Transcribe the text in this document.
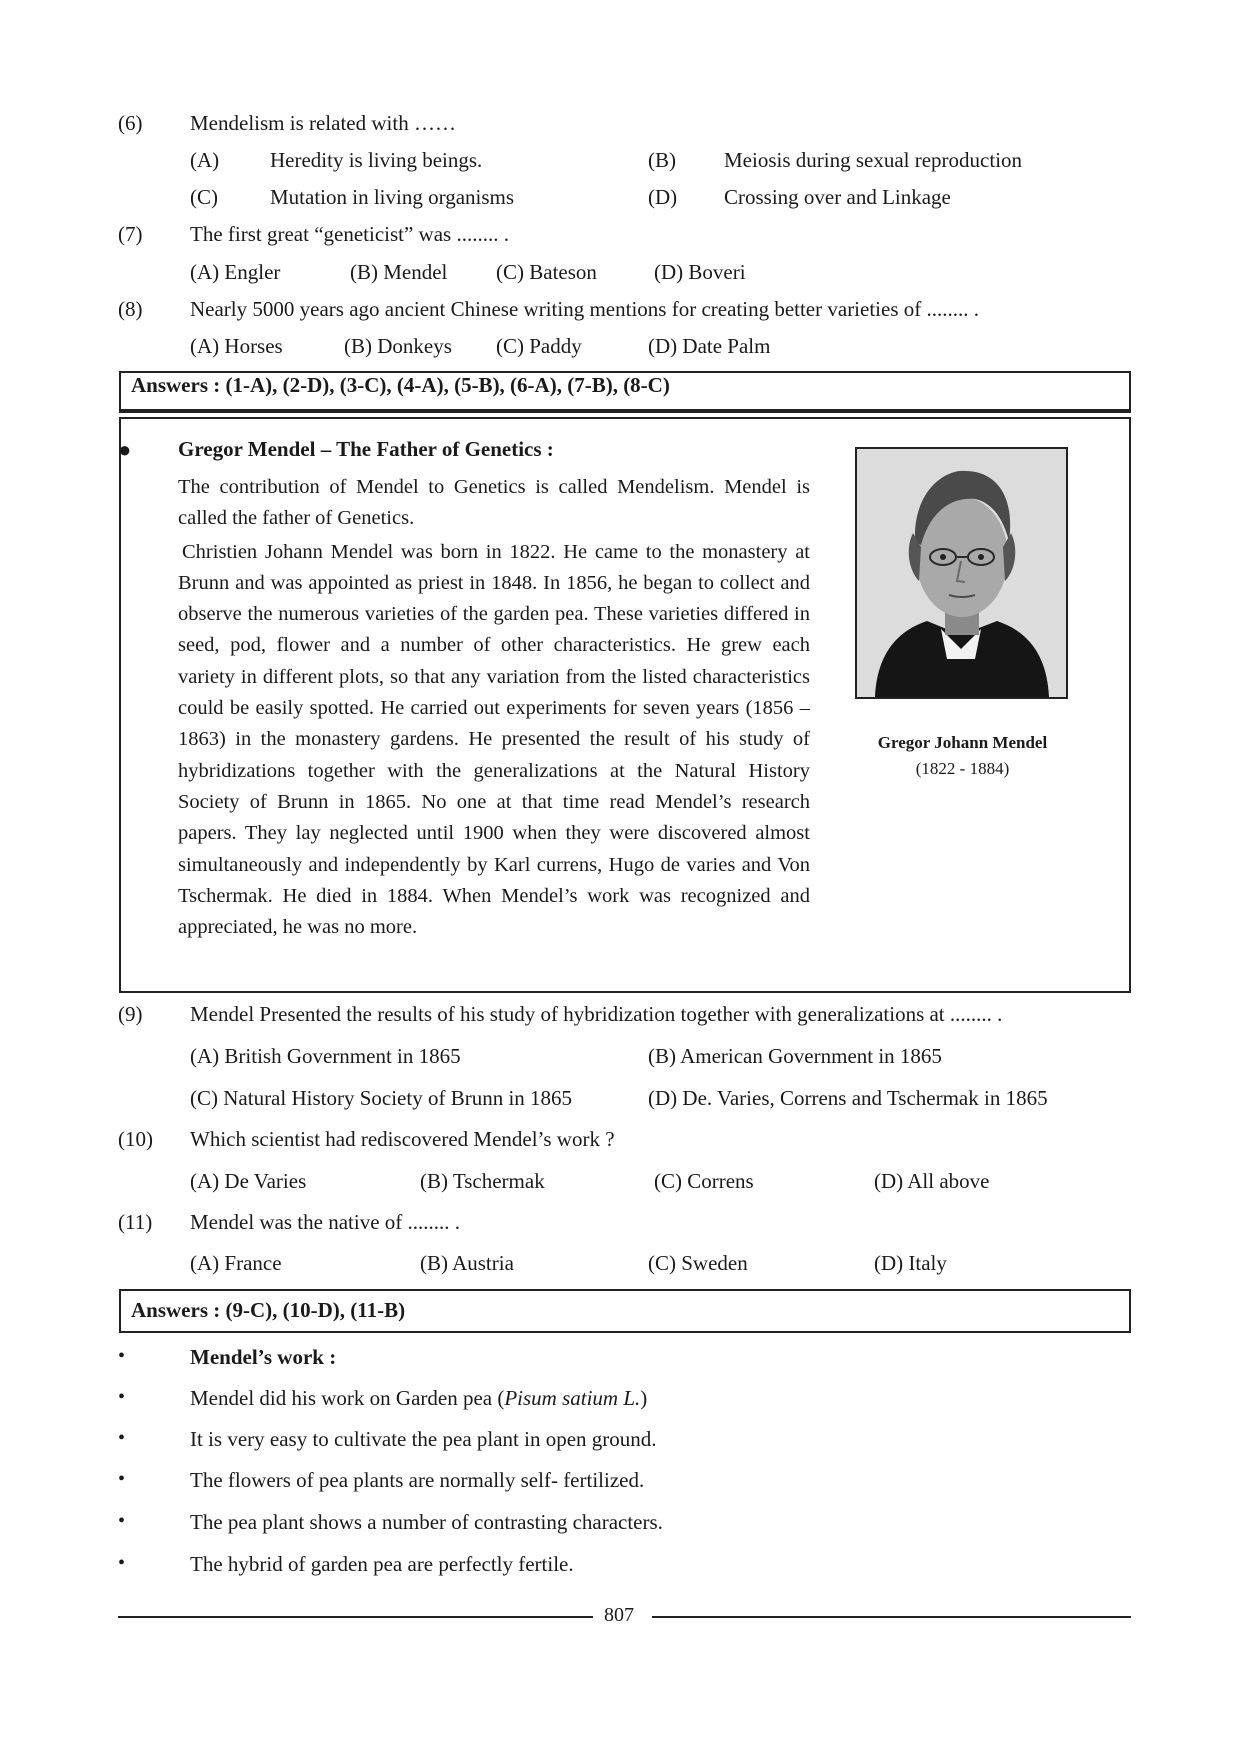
(6) Mendelism is related with ……
(A) Heredity is living beings.	(B) Meiosis during sexual reproduction
(C) Mutation in living organisms	(D) Crossing over and Linkage
(7) The first great “geneticist” was ........ .
(A) Engler	(B) Mendel (C) Bateson	(D) Boveri
(8) Nearly 5000 years ago ancient Chinese writing mentions for creating better varieties of ........ .
(A) Horses	(B) Donkeys (C) Paddy	(D) Date Palm
Answers : (1-A), (2-D), (3-C), (4-A), (5-B), (6-A), (7-B), (8-C)
● Gregor Mendel – The Father of Genetics :

The contribution of Mendel to Genetics is called Mendelism. Mendel is called the father of Genetics.

Christien Johann Mendel was born in 1822. He came to the monastery at Brunn and was appointed as priest in 1848. In 1856, he began to collect and observe the numerous varieties of the garden pea. These varieties differed in seed, pod, flower and a number of other characteristics. He grew each variety in different plots, so that any variation from the listed characteristics could be easily spotted. He carried out experiments for seven years (1856 – 1863) in the monastery gardens. He presented the result of his study of hybridizations together with the generalizations at the Natural History Society of Brunn in 1865. No one at that time read Mendel’s research papers. They lay neglected until 1900 when they were discovered almost simultaneously and independently by Karl currens, Hugo de varies and Von Tschermak. He died in 1884. When Mendel’s work was recognized and appreciated, he was no more.

Gregor Johann Mendel
(1822 - 1884)
(9) Mendel Presented the results of his study of hybridization together with generalizations at ........ .
(A) British Government in 1865	(B) American Government in 1865
(C) Natural History Society of Brunn in 1865	(D) De. Varies, Correns and Tschermak in 1865
(10) Which scientist had rediscovered Mendel’s work ?
(A) De Varies	(B) Tschermak	(C) Correns	(D) All above
(11) Mendel was the native of ........ .
(A) France	(B) Austria	(C) Sweden	(D) Italy
Answers : (9-C), (10-D), (11-B)
•	Mendel’s work :
•	Mendel did his work on Garden pea (Pisum satium L.)
•	It is very easy to cultivate the pea plant in open ground.
•	The flowers of pea plants are normally self- fertilized.
•	The pea plant shows a number of contrasting characters.
•	The hybrid of garden pea are perfectly fertile.
807
